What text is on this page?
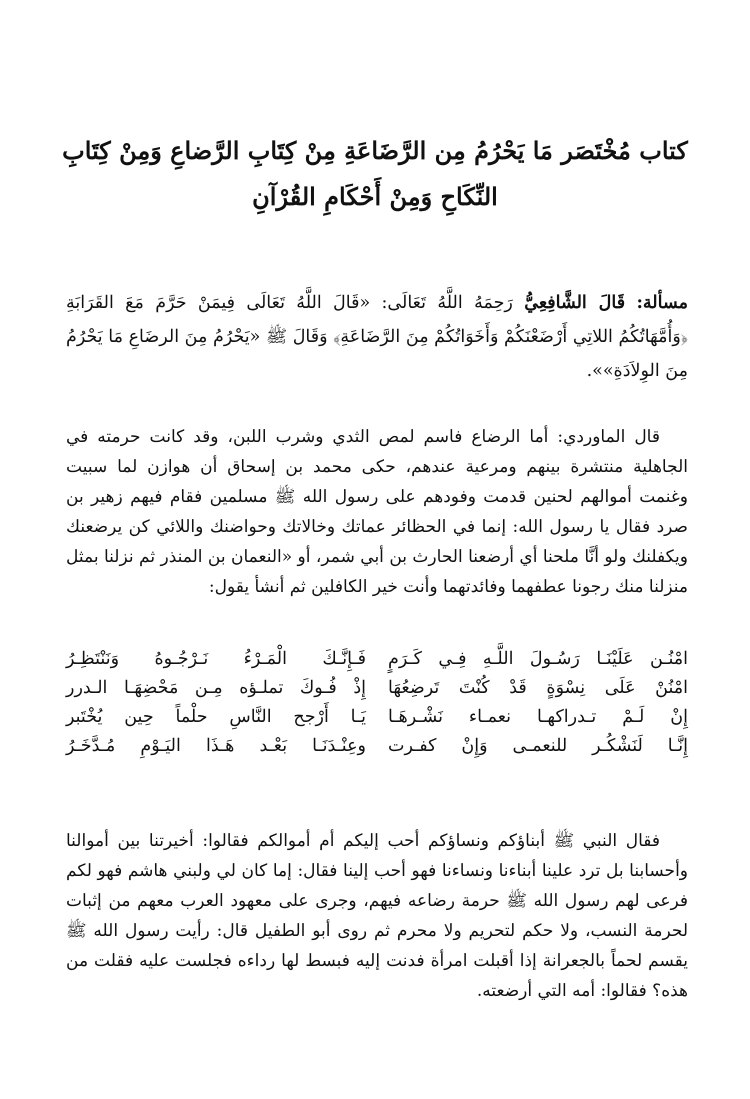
كتاب مُخْتَصَر مَا يَحْرُمُ مِن الرَّضَاعَةِ مِنْ كِتَابِ الرَّضاعِ وَمِنْ كِتَابِ
النِّكَاحِ وَمِنْ أَحْكَامِ القُرْآنِ
مسألة: قَالَ الشَّافِعِيُّ رَحِمَهُ اللَّهُ تَعَالَى: «قَالَ اللَّهُ تَعَالَى فِيمَنْ حَرَّمَ مَعَ القَرَابَةِ ﴿وَأُمَّهَاتُكُمُ اللاتِي أَرْضَعْنَكُمْ وَأَخَوَاتُكُمْ مِنَ الرَّضَاعَةِ﴾ وَقَالَ ﷺ «يَحْرُمُ مِنَ الرضَاعِ مَا يَحْرُمُ مِنَ الوِلاَدَةِ»».
قال الماوردي: أما الرضاع فاسم لمص الثدي وشرب اللبن، وقد كانت حرمته في الجاهلية منتشرة بينهم ومرعية عندهم، حكى محمد بن إسحاق أن هوازن لما سبيت وغنمت أموالهم لحنين قدمت وفودهم على رسول الله ﷺ مسلمين فقام فيهم زهير بن صرد فقال يا رسول الله: إنما في الحظائر عماتك وخالاتك وحواضنك واللائي كن يرضعنك ويكفلنك ولو أنَّا ملحنا أي أرضعنا الحارث بن أبي شمر، أو «النعمان بن المنذر ثم نزلنا بمثل منزلنا منك رجونا عطفهما وفائدتهما وأنت خير الكافلين ثم أنشأ يقول:
امْنُـن عَلَيْنَـا رَسُـولَ اللَّـهِ فِـي كَـرَمٍ
فَـإِنَّـكَ الْمَـرْءُ نَـرْجُـوهُ وَنَنْتَظِـرُ
امْنُنْ عَلَى نِسْوَةٍ قَدْ كُنْتَ تَرضِعُهَا
إِذْ فُـوكَ تملـؤه مِـن مَحْضِهَـا الـدرر
إِنْ لَـمْ تـدراكهـا نعمـاء نَشْـرهَـا
يَـا أَرْجح النَّاسِ حلْماً حِين يُخْتَبر
إِنَّـا لَنَشْكُـر للنعمـى وَإِنْ كفـرت
وعِنْـدَنَـا بَعْـد هَـذَا اليَـوْمِ مُـدَّخَـرُ
فقال النبي ﷺ أبناؤكم ونساؤكم أحب إليكم أم أموالكم فقالوا: أخيرتنا بين أموالنا وأحسابنا بل ترد علينا أبناءنا ونساءنا فهو أحب إلينا فقال: إما كان لي ولبني هاشم فهو لكم فرعى لهم رسول الله ﷺ حرمة رضاعه فيهم، وجرى على معهود العرب معهم من إثبات لحرمة النسب، ولا حكم لتحريم ولا محرم ثم روى أبو الطفيل قال: رأيت رسول الله ﷺ يقسم لحماً بالجعرانة إذا أقبلت امرأة فدنت إليه فبسط لها رداءه فجلست عليه فقلت من هذه؟ فقالوا: أمه التي أرضعته.
